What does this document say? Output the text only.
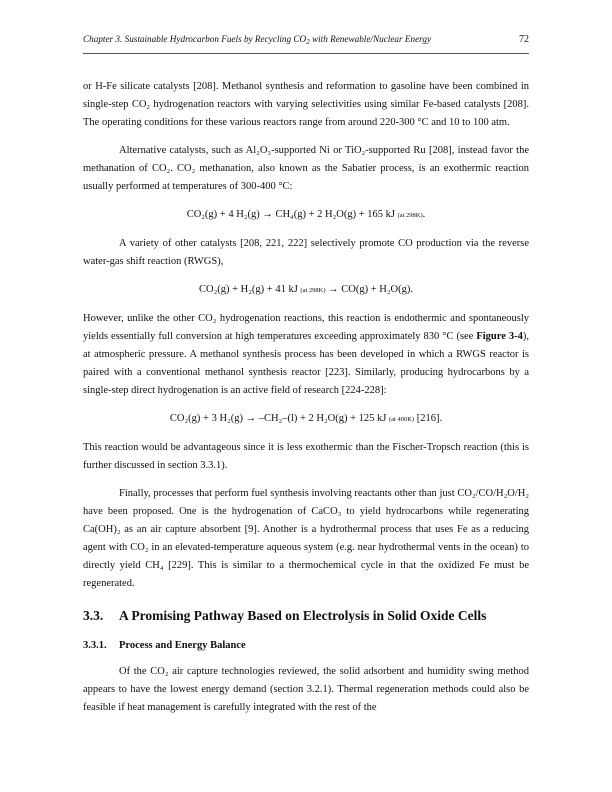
Chapter 3. Sustainable Hydrocarbon Fuels by Recycling $CO_2$ with Renewable/Nuclear Energy	72

or H-Fe silicate catalysts [208]. Methanol synthesis and reformation to gasoline have been combined in single-step CO₂ hydrogenation reactors with varying selectivities using similar Fe-based catalysts [208]. The operating conditions for these various reactors range from around 220-300 °C and 10 to 100 atm.

Alternative catalysts, such as Al₂O₃-supported Ni or TiO₂-supported Ru [208], instead favor the methanation of CO₂. CO₂ methanation, also known as the Sabatier process, is an exothermic reaction usually performed at temperatures of 300-400 °C:

CO₂(g) + 4 H₂(g) → CH₄(g) + 2 H₂O(g) + 165 kJ (at 298K).

A variety of other catalysts [208, 221, 222] selectively promote CO production via the reverse water-gas shift reaction (RWGS),

CO₂(g) + H₂(g) + 41 kJ (at 298K) → CO(g) + H₂O(g).

However, unlike the other CO₂ hydrogenation reactions, this reaction is endothermic and spontaneously yields essentially full conversion at high temperatures exceeding approximately 830 °C (see Figure 3-4), at atmospheric pressure. A methanol synthesis process has been developed in which a RWGS reactor is paired with a conventional methanol synthesis reactor [223]. Similarly, producing hydrocarbons by a single-step direct hydrogenation is an active field of research [224-228]:

CO₂(g) + 3 H₂(g) → –CH₂–(l) + 2 H₂O(g) + 125 kJ (at 400K) [216].

This reaction would be advantageous since it is less exothermic than the Fischer-Tropsch reaction (this is further discussed in section 3.3.1).

Finally, processes that perform fuel synthesis involving reactants other than just CO₂/CO/H₂O/H₂ have been proposed. One is the hydrogenation of CaCO₃ to yield hydrocarbons while regenerating Ca(OH)₂ as an air capture absorbent [9]. Another is a hydrothermal process that uses Fe as a reducing agent with CO₂ in an elevated-temperature aqueous system (e.g. near hydrothermal vents in the ocean) to directly yield CH₄ [229]. This is similar to a thermochemical cycle in that the oxidized Fe must be regenerated.

3.3. A Promising Pathway Based on Electrolysis in Solid Oxide Cells
3.3.1. Process and Energy Balance

Of the CO₂ air capture technologies reviewed, the solid adsorbent and humidity swing method appears to have the lowest energy demand (section 3.2.1). Thermal regeneration methods could also be feasible if heat management is carefully integrated with the rest of the
